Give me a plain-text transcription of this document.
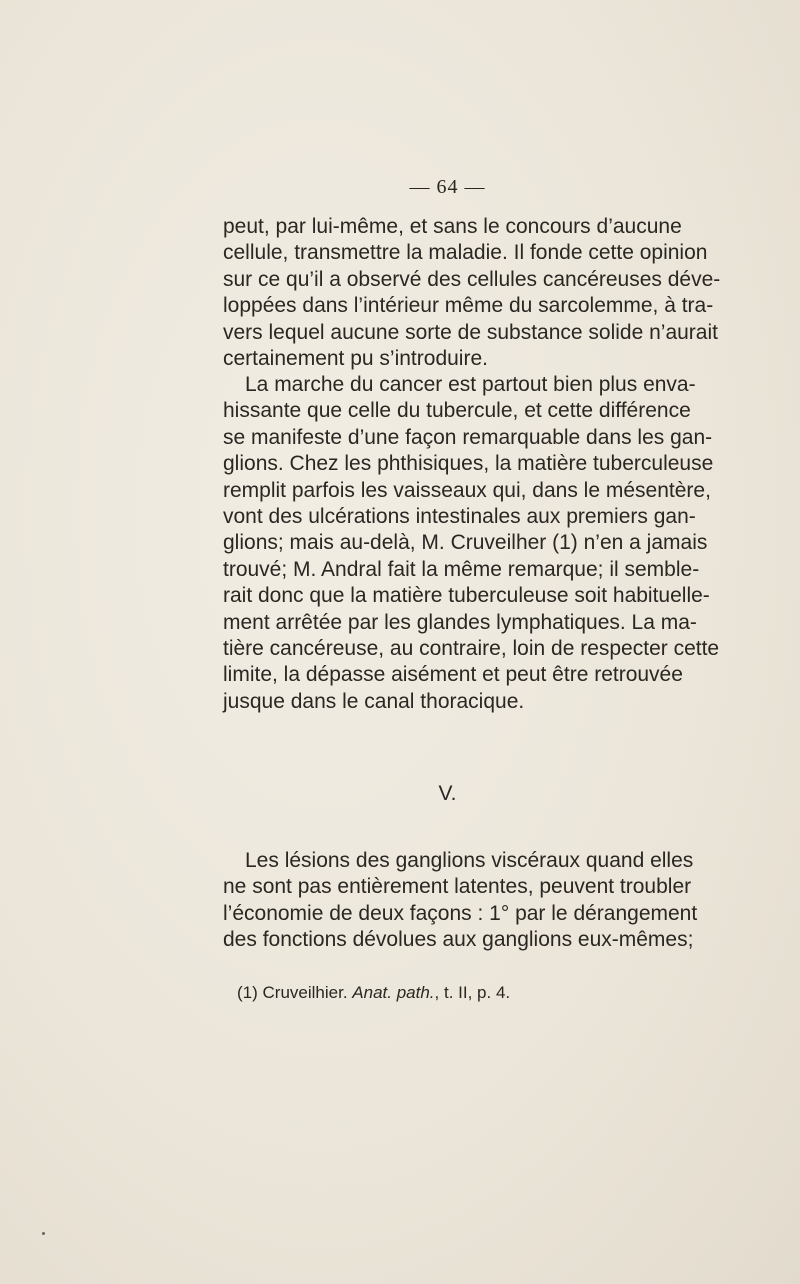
— 64 —

peut, par lui-même, et sans le concours d’aucune
cellule, transmettre la maladie. Il fonde cette opinion
sur ce qu’il a observé des cellules cancéreuses déve-
loppées dans l’intérieur même du sarcolemme, à tra-
vers lequel aucune sorte de substance solide n’aurait
certainement pu s’introduire.

La marche du cancer est partout bien plus enva-
hissante que celle du tubercule, et cette différence
se manifeste d’une façon remarquable dans les gan-
glions. Chez les phthisiques, la matière tuberculeuse
remplit parfois les vaisseaux qui, dans le mésentère,
vont des ulcérations intestinales aux premiers gan-
glions; mais au-delà, M. Cruveilher (1) n’en a jamais
trouvé; M. Andral fait la même remarque; il semble-
rait donc que la matière tuberculeuse soit habituelle-
ment arrêtée par les glandes lymphatiques. La ma-
tière cancéreuse, au contraire, loin de respecter cette
limite, la dépasse aisément et peut être retrouvée
jusque dans le canal thoracique.

V.

Les lésions des ganglions viscéraux quand elles
ne sont pas entièrement latentes, peuvent troubler
l’économie de deux façons : 1° par le dérangement
des fonctions dévolues aux ganglions eux-mêmes;

(1) Cruveilhier. Anat. path., t. II, p. 4.
